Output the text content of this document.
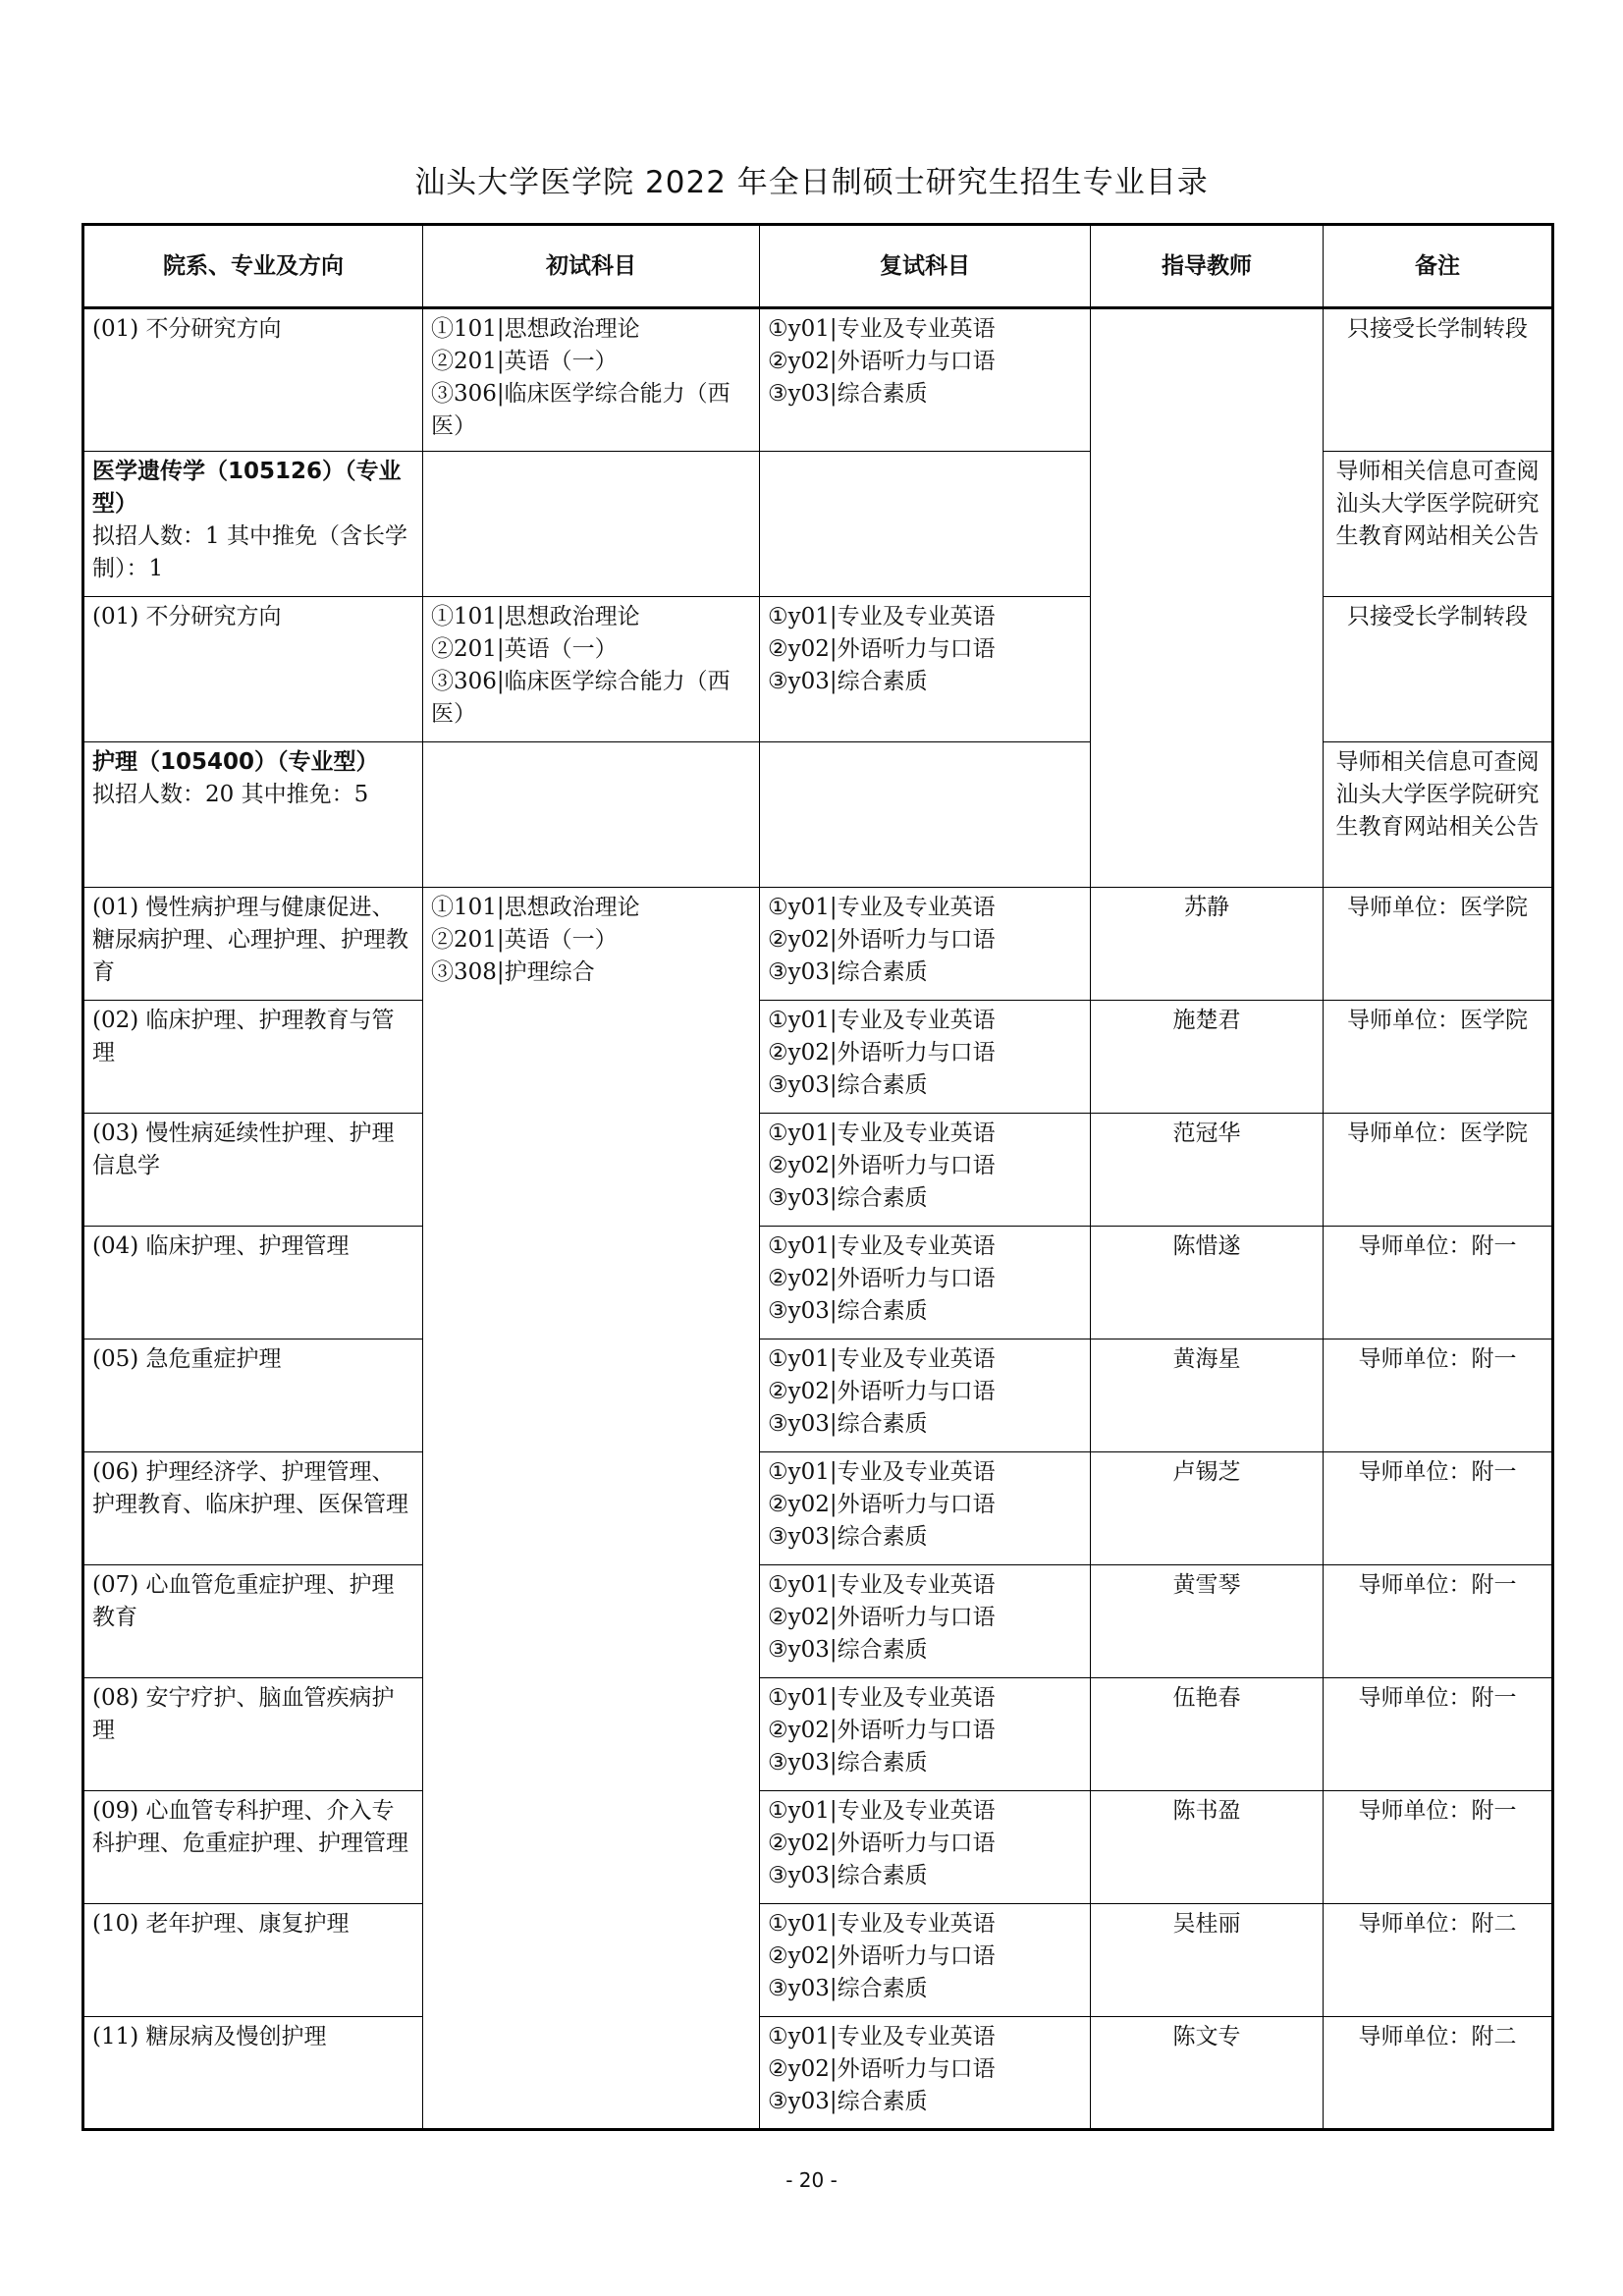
汕头大学医学院 2022 年全日制硕士研究生招生专业目录
院系、专业及方向	初试科目	复试科目	指导教师	备注

(01) 不分研究方向	①101|思想政治理论
②201|英语（一）
③306|临床医学综合能力（西医）	①y01|专业及专业英语
②y02|外语听力与口语
③y03|综合素质		只接受长学制转段

医学遗传学（105126）（专业型）
拟招人数：1 其中推免（含长学制）：1				导师相关信息可查阅汕头大学医学院研究生教育网站相关公告

(01) 不分研究方向	①101|思想政治理论
②201|英语（一）
③306|临床医学综合能力（西医）	①y01|专业及专业英语
②y02|外语听力与口语
③y03|综合素质		只接受长学制转段

护理（105400）（专业型）
拟招人数：20 其中推免：5				导师相关信息可查阅汕头大学医学院研究生教育网站相关公告
(01) 慢性病护理与健康促进、糖尿病护理、心理护理、护理教育	①101|思想政治理论
②201|英语（一）
③308|护理综合	①y01|专业及专业英语
②y02|外语听力与口语
③y03|综合素质	苏静	导师单位：医学院
(02) 临床护理、护理教育与管理		①y01|专业及专业英语
②y02|外语听力与口语
③y03|综合素质	施楚君	导师单位：医学院
(03) 慢性病延续性护理、护理信息学		①y01|专业及专业英语
②y02|外语听力与口语
③y03|综合素质	范冠华	导师单位：医学院
(04) 临床护理、护理管理		①y01|专业及专业英语
②y02|外语听力与口语
③y03|综合素质	陈惜遂	导师单位：附一
(05) 急危重症护理		①y01|专业及专业英语
②y02|外语听力与口语
③y03|综合素质	黄海星	导师单位：附一
(06) 护理经济学、护理管理、护理教育、临床护理、医保管理		①y01|专业及专业英语
②y02|外语听力与口语
③y03|综合素质	卢锡芝	导师单位：附一
(07) 心血管危重症护理、护理教育		①y01|专业及专业英语
②y02|外语听力与口语
③y03|综合素质	黄雪琴	导师单位：附一
(08) 安宁疗护、脑血管疾病护理		①y01|专业及专业英语
②y02|外语听力与口语
③y03|综合素质	伍艳春	导师单位：附一
(09) 心血管专科护理、介入专科护理、危重症护理、护理管理		①y01|专业及专业英语
②y02|外语听力与口语
③y03|综合素质	陈书盈	导师单位：附一
(10) 老年护理、康复护理		①y01|专业及专业英语
②y02|外语听力与口语
③y03|综合素质	吴桂丽	导师单位：附二
(11) 糖尿病及慢创护理		①y01|专业及专业英语
②y02|外语听力与口语
③y03|综合素质	陈文专	导师单位：附二
- 20 -
